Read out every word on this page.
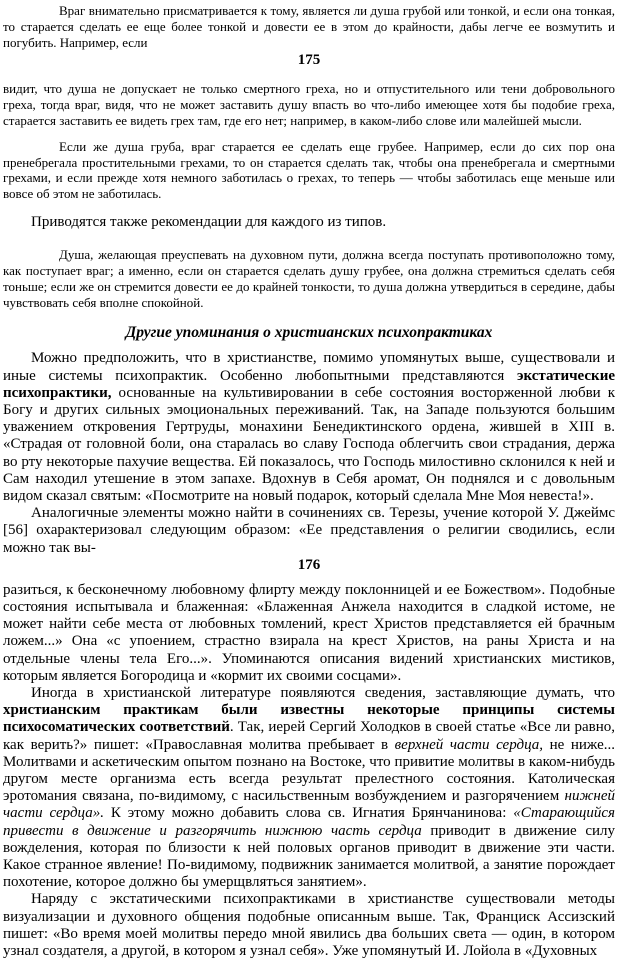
Враг внимательно присматривается к тому, является ли душа грубой или тонкой, и если она тонкая, то старается сделать ее еще более тонкой и довести ее в этом до крайности, дабы легче ее возмутить и погубить. Например, если

175

видит, что душа не допускает не только смертного греха, но и отпустительного или тени добровольного греха, тогда враг, видя, что не может заставить душу впасть во что-либо имеющее хотя бы подобие греха, старается заставить ее видеть грех там, где его нет; например, в каком-либо слове или малейшей мысли.

Если же душа груба, враг старается ее сделать еще грубее. Например, если до сих пор она пренебрегала простительными грехами, то он старается сделать так, чтобы она пренебрегала и смертными грехами, и если прежде хотя немного заботилась о грехах, то теперь — чтобы заботилась еще меньше или вовсе об этом не заботилась.

Приводятся также рекомендации для каждого из типов.

Душа, желающая преуспевать на духовном пути, должна всегда поступать противоположно тому, как поступает враг; а именно, если он старается сделать душу грубее, она должна стремиться сделать себя тоньше; если же он стремится довести ее до крайней тонкости, то душа должна утвердиться в середине, дабы чувствовать себя вполне спокойной.

Другие упоминания о христианских психопрактиках

Можно предположить, что в христианстве, помимо упомянутых выше, существовали и иные системы психопрактик. Особенно любопытными представляются экстатические психопрактики, основанные на культивировании в себе состояния восторженной любви к Богу и других сильных эмоциональных переживаний. Так, на Западе пользуются большим уважением откровения Гертруды, монахини Бенедиктинского ордена, жившей в XIII в. «Страдая от головной боли, она старалась во славу Господа облегчить свои страдания, держа во рту некоторые пахучие вещества. Ей показалось, что Господь милостивно склонился к ней и Сам находил утешение в этом запахе. Вдохнув в Себя аромат, Он поднялся и с довольным видом сказал святым: «Посмотрите на новый подарок, который сделала Мне Моя невеста!».

Аналогичные элементы можно найти в сочинениях св. Терезы, учение которой У. Джеймс [56] охарактеризовал следующим образом: «Ее представления о религии сводились, если можно так вы-

176

разиться, к бесконечному любовному флирту между поклонницей и ее Божеством». Подобные состояния испытывала и блаженная: «Блаженная Анжела находится в сладкой истоме, не может найти себе места от любовных томлений, крест Христов представляется ей брачным ложем...» Она «с упоением, страстно взирала на крест Христов, на раны Христа и на отдельные члены тела Его...». Упоминаются описания видений христианских мистиков, которым является Богородица и «кормит их своими сосцами».

Иногда в христианской литературе появляются сведения, заставляющие думать, что христианским практикам были известны некоторые принципы системы психосоматических соответствий. Так, иерей Сергий Холодков в своей статье «Все ли равно, как верить?» пишет: «Православная молитва пребывает в верхней части сердца, не ниже... Молитвами и аскетическим опытом познано на Востоке, что привитие молитвы в каком-нибудь другом месте организма есть всегда результат прелестного состояния. Католическая эротомания связана, по-видимому, с насильственным возбуждением и разгорячением нижней части сердца». К этому можно добавить слова св. Игнатия Брянчанинова: «Старающийся привести в движение и разгорячить нижнюю часть сердца приводит в движение силу вожделения, которая по близости к ней половых органов приводит в движение эти части. Какое странное явление! По-видимому, подвижник занимается молитвой, а занятие порождает похотение, которое должно бы умерщвляться занятием».

Наряду с экстатическими психопрактиками в христианстве существовали методы визуализации и духовного общения подобные описанным выше. Так, Франциск Ассизский пишет: «Во время моей молитвы передо мной явились два больших света — один, в котором узнал создателя, а другой, в котором я узнал себя». Уже упомянутый И. Лойола в «Духовных
